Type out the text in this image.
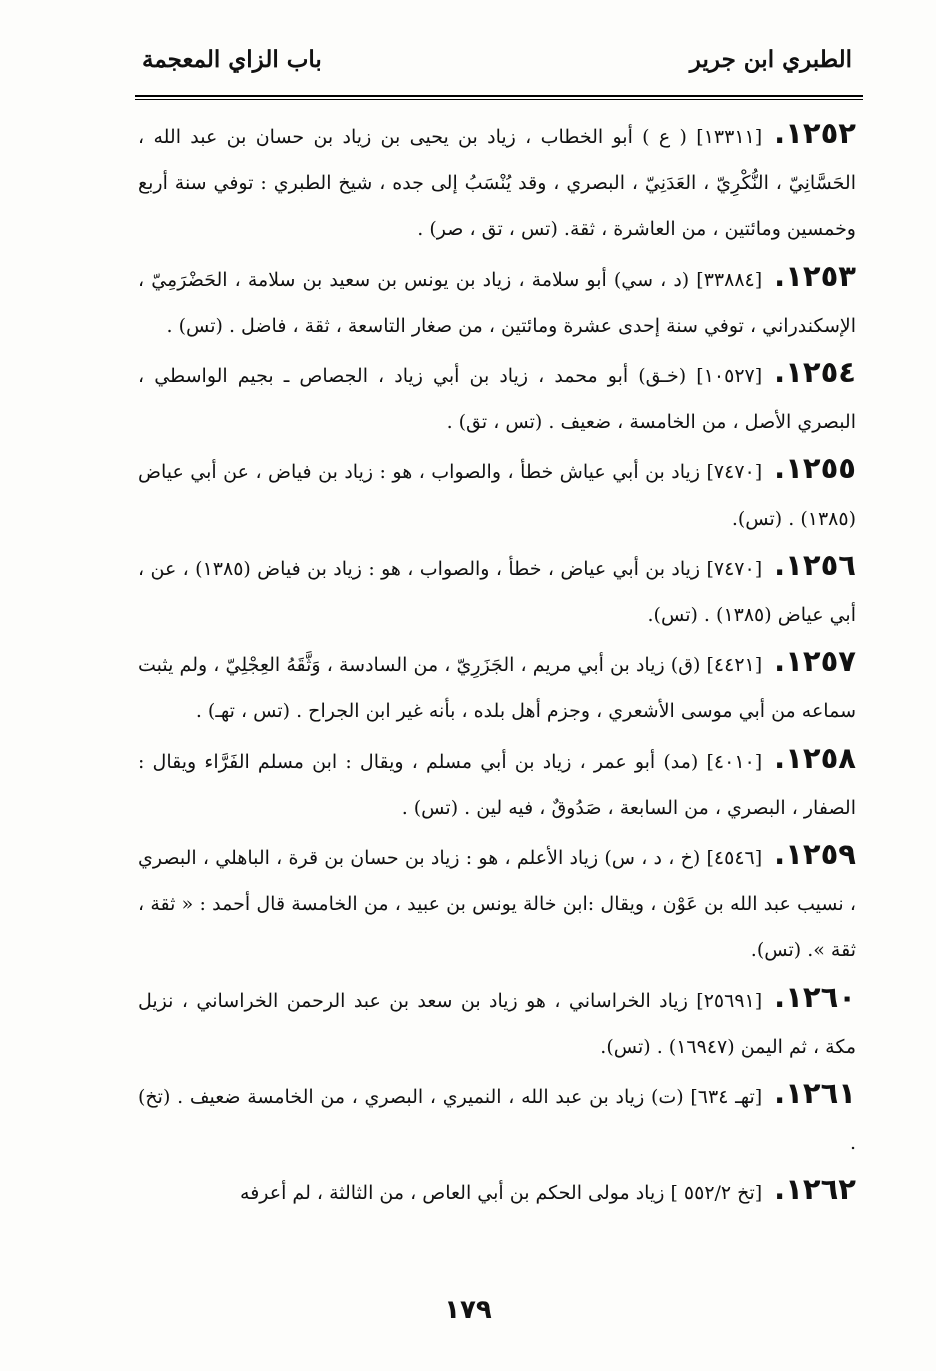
الطبري ابن جرير
باب الزاي المعجمة

١٢٥٢.[١٣٣١١] ( ع ) أبو الخطاب ، زياد بن يحيى بن زياد بن حسان بن عبد الله ، الحَسَّانِيّ ، النُّكْرِيّ ، العَدَنِيّ ، البصري ، وقد يُنْسَبُ إلى جده ، شيخ الطبري : توفي سنة أربع وخمسين ومائتين ، من العاشرة ، ثقة. (تس ، تق ، صر) .

١٢٥٣.[٣٣٨٨٤] (د ، سي) أبو سلامة ، زياد بن يونس بن سعيد بن سلامة ، الحَضْرَمِيّ ، الإسكندراني ، توفي سنة إحدى عشرة ومائتين ، من صغار التاسعة ، ثقة ، فاضل . (تس) .

١٢٥٤.[١٠٥٢٧] (خـق) أبو محمد ، زياد بن أبي زياد ، الجصاص ـ بجيم الواسطي ، البصري الأصل ، من الخامسة ، ضعيف . (تس ، تق) .

١٢٥٥.[٧٤٧٠] زياد بن أبي عياش خطأ ، والصواب ، هو : زياد بن فياض ، عن أبي عياض (١٣٨٥) . (تس).

١٢٥٦.[٧٤٧٠] زياد بن أبي عياض ، خطأ ، والصواب ، هو : زياد بن فياض (١٣٨٥) ، عن ، أبي عياض (١٣٨٥) . (تس).

١٢٥٧.[٤٤٢١] (ق) زياد بن أبي مريم ، الجَزَرِيّ ، من السادسة ، وَثَّقَهُ العِجْلِيّ ، ولم يثبت سماعه من أبي موسى الأشعري ، وجزم أهل بلده ، بأنه غير ابن الجراح . (تس ، تهـ) .

١٢٥٨.[٤٠١٠] (مد) أبو عمر ، زياد بن أبي مسلم ، ويقال : ابن مسلم الفَرَّاء ويقال : الصفار ، البصري ، من السابعة ، صَدُوقٌ ، فيه لين . (تس) .

١٢٥٩.[٤٥٤٦] (خ ، د ، س) زياد الأعلم ، هو : زياد بن حسان بن قرة ، الباهلي ، البصري ، نسيب عبد الله بن عَوْن ، ويقال :ابن خالة يونس بن عبيد ، من الخامسة قال أحمد : « ثقة ، ثقة ». (تس).

١٢٦٠.[٢٥٦٩١] زياد الخراساني ، هو زياد بن سعد بن عبد الرحمن الخراساني ، نزيل مكة ، ثم اليمن (١٦٩٤٧) . (تس).

١٢٦١.[تهـ ٦٣٤] (ت) زياد بن عبد الله ، النميري ، البصري ، من الخامسة ضعيف . (تخ) .

١٢٦٢.[تخ ٥٥٢/٢ ] زياد مولى الحكم بن أبي العاص ، من الثالثة ، لم أعرفه

١٧٩
